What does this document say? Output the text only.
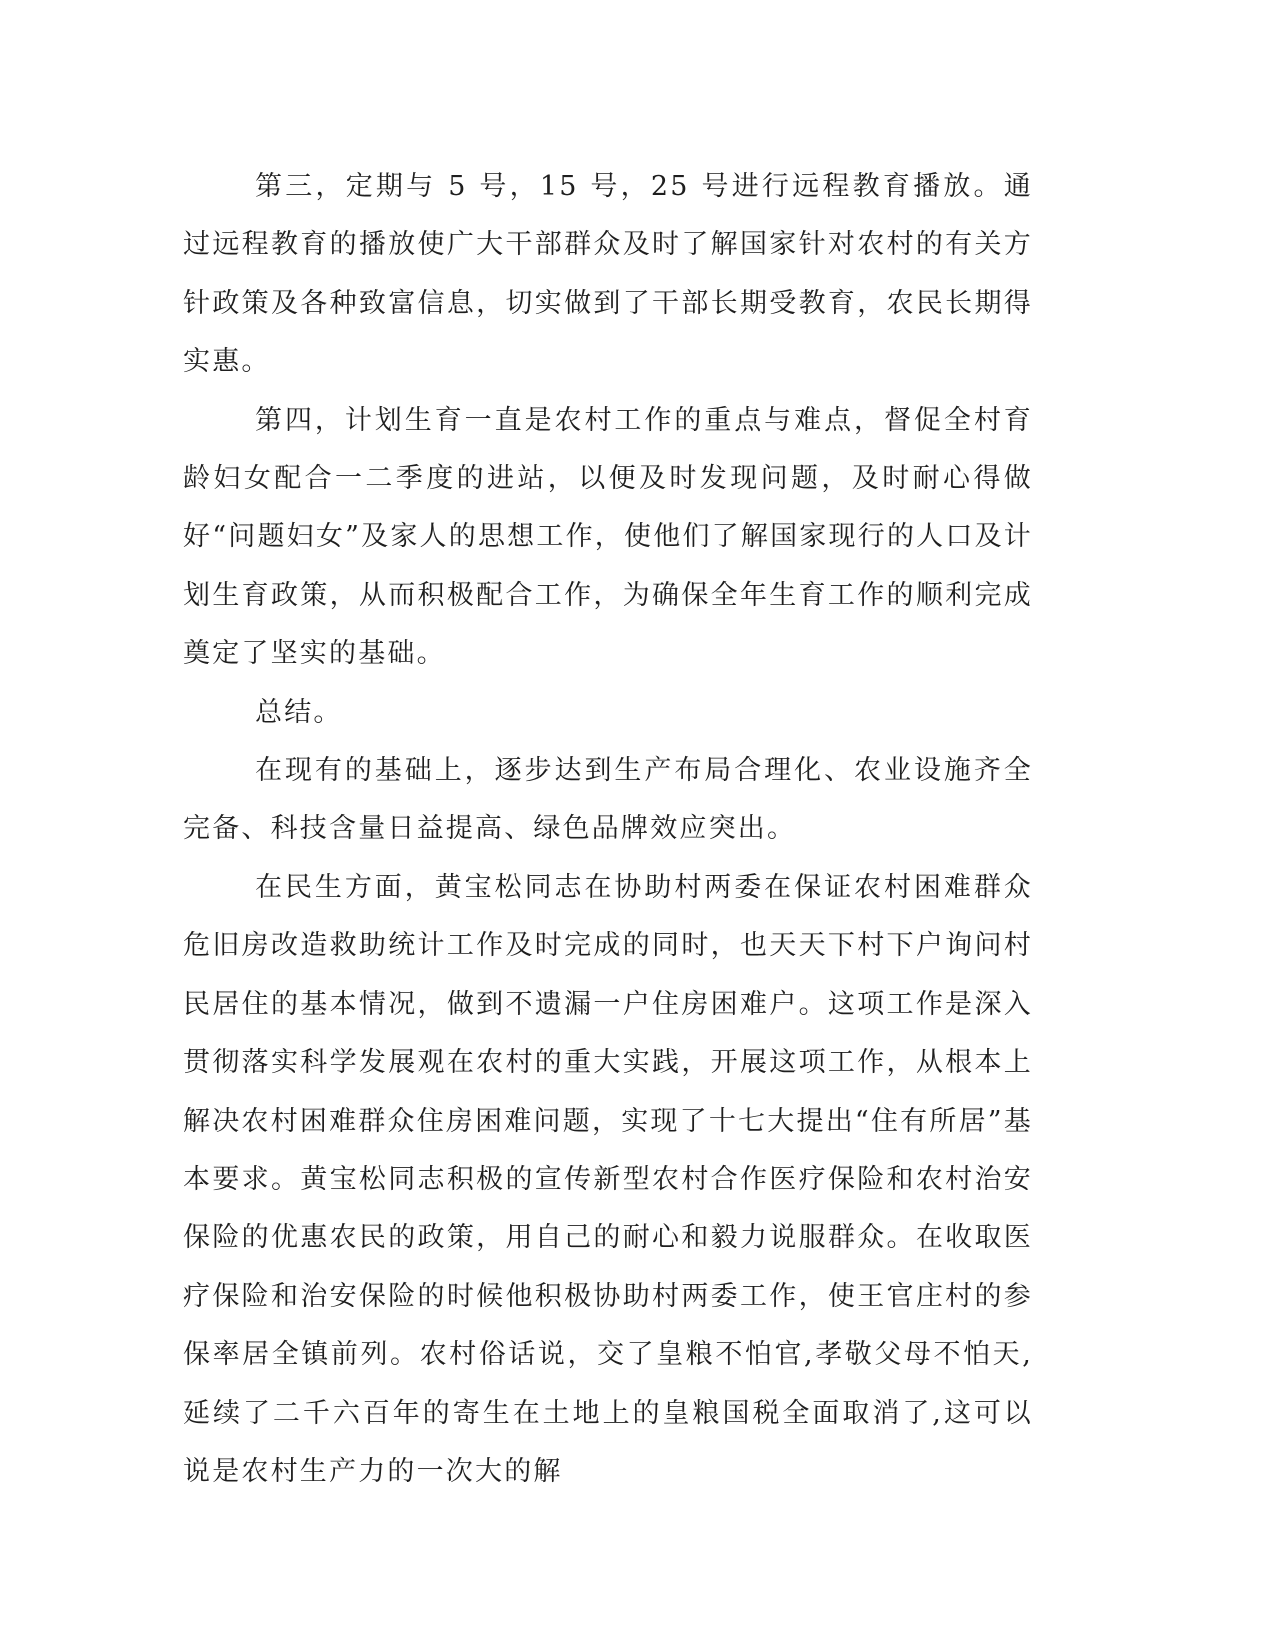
第三，定期与 5 号，15 号，25 号进行远程教育播放。通过远程教育的播放使广大干部群众及时了解国家针对农村的有关方针政策及各种致富信息，切实做到了干部长期受教育，农民长期得实惠。

第四，计划生育一直是农村工作的重点与难点，督促全村育龄妇女配合一二季度的进站，以便及时发现问题，及时耐心得做好“问题妇女”及家人的思想工作，使他们了解国家现行的人口及计划生育政策，从而积极配合工作，为确保全年生育工作的顺利完成奠定了坚实的基础。

总结。

在现有的基础上，逐步达到生产布局合理化、农业设施齐全完备、科技含量日益提高、绿色品牌效应突出。

在民生方面，黄宝松同志在协助村两委在保证农村困难群众危旧房改造救助统计工作及时完成的同时，也天天下村下户询问村民居住的基本情况，做到不遗漏一户住房困难户。这项工作是深入贯彻落实科学发展观在农村的重大实践，开展这项工作，从根本上解决农村困难群众住房困难问题，实现了十七大提出“住有所居”基本要求。黄宝松同志积极的宣传新型农村合作医疗保险和农村治安保险的优惠农民的政策，用自己的耐心和毅力说服群众。在收取医疗保险和治安保险的时候他积极协助村两委工作，使王官庄村的参保率居全镇前列。农村俗话说，交了皇粮不怕官,孝敬父母不怕天,延续了二千六百年的寄生在土地上的皇粮国税全面取消了,这可以说是农村生产力的一次大的解
